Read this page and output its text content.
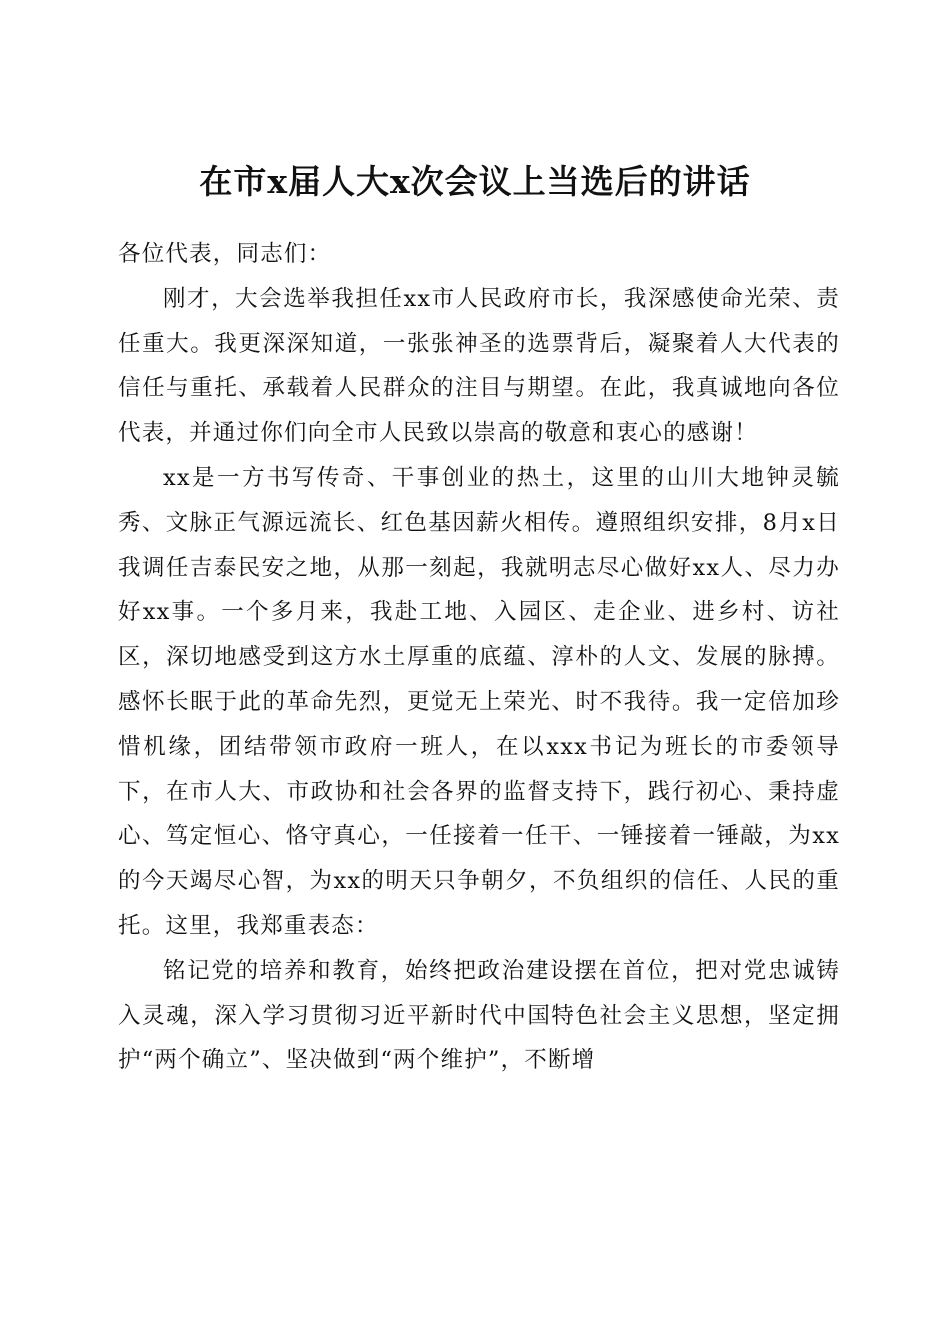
在市x届人大x次会议上当选后的讲话

各位代表，同志们：

刚才，大会选举我担任xx市人民政府市长，我深感使命光荣、责任重大。我更深深知道，一张张神圣的选票背后，凝聚着人大代表的信任与重托、承载着人民群众的注目与期望。在此，我真诚地向各位代表，并通过你们向全市人民致以崇高的敬意和衷心的感谢！

xx是一方书写传奇、干事创业的热土，这里的山川大地钟灵毓秀、文脉正气源远流长、红色基因薪火相传。遵照组织安排，8月x日我调任吉泰民安之地，从那一刻起，我就明志尽心做好xx人、尽力办好xx事。一个多月来，我赴工地、入园区、走企业、进乡村、访社区，深切地感受到这方水土厚重的底蕴、淳朴的人文、发展的脉搏。感怀长眠于此的革命先烈，更觉无上荣光、时不我待。我一定倍加珍惜机缘，团结带领市政府一班人，在以xxx书记为班长的市委领导下，在市人大、市政协和社会各界的监督支持下，践行初心、秉持虚心、笃定恒心、恪守真心，一任接着一任干、一锤接着一锤敲，为xx的今天竭尽心智，为xx的明天只争朝夕，不负组织的信任、人民的重托。这里，我郑重表态：

铭记党的培养和教育，始终把政治建设摆在首位，把对党忠诚铸入灵魂，深入学习贯彻习近平新时代中国特色社会主义思想，坚定拥护“两个确立”、坚决做到“两个维护”，不断增
